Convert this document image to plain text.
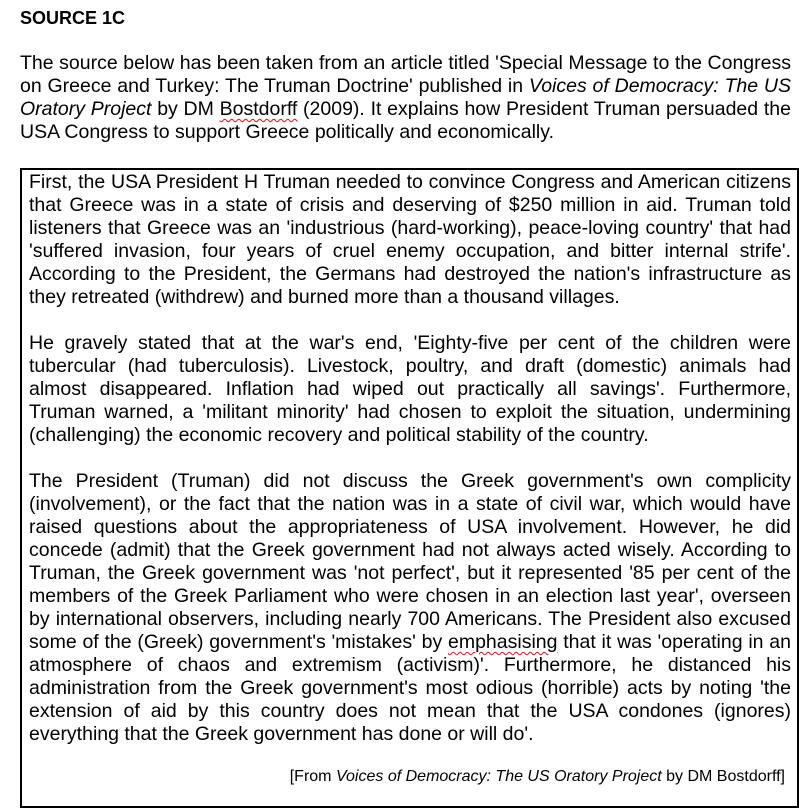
SOURCE 1C

The source below has been taken from an article titled 'Special Message to the Congress on Greece and Turkey: The Truman Doctrine' published in Voices of Democracy: The US Oratory Project by DM Bostdorff (2009). It explains how President Truman persuaded the USA Congress to support Greece politically and economically.

First, the USA President H Truman needed to convince Congress and American citizens that Greece was in a state of crisis and deserving of $250 million in aid. Truman told listeners that Greece was an 'industrious (hard-working), peace-loving country' that had 'suffered invasion, four years of cruel enemy occupation, and bitter internal strife'. According to the President, the Germans had destroyed the nation's infrastructure as they retreated (withdrew) and burned more than a thousand villages.

He gravely stated that at the war's end, 'Eighty-five per cent of the children were tubercular (had tuberculosis). Livestock, poultry, and draft (domestic) animals had almost disappeared. Inflation had wiped out practically all savings'. Furthermore, Truman warned, a 'militant minority' had chosen to exploit the situation, undermining (challenging) the economic recovery and political stability of the country.

The President (Truman) did not discuss the Greek government's own complicity (involvement), or the fact that the nation was in a state of civil war, which would have raised questions about the appropriateness of USA involvement. However, he did concede (admit) that the Greek government had not always acted wisely. According to Truman, the Greek government was 'not perfect', but it represented '85 per cent of the members of the Greek Parliament who were chosen in an election last year', overseen by international observers, including nearly 700 Americans. The President also excused some of the (Greek) government's 'mistakes' by emphasising that it was 'operating in an atmosphere of chaos and extremism (activism)'. Furthermore, he distanced his administration from the Greek government's most odious (horrible) acts by noting 'the extension of aid by this country does not mean that the USA condones (ignores) everything that the Greek government has done or will do'.

[From Voices of Democracy: The US Oratory Project by DM Bostdorff]
